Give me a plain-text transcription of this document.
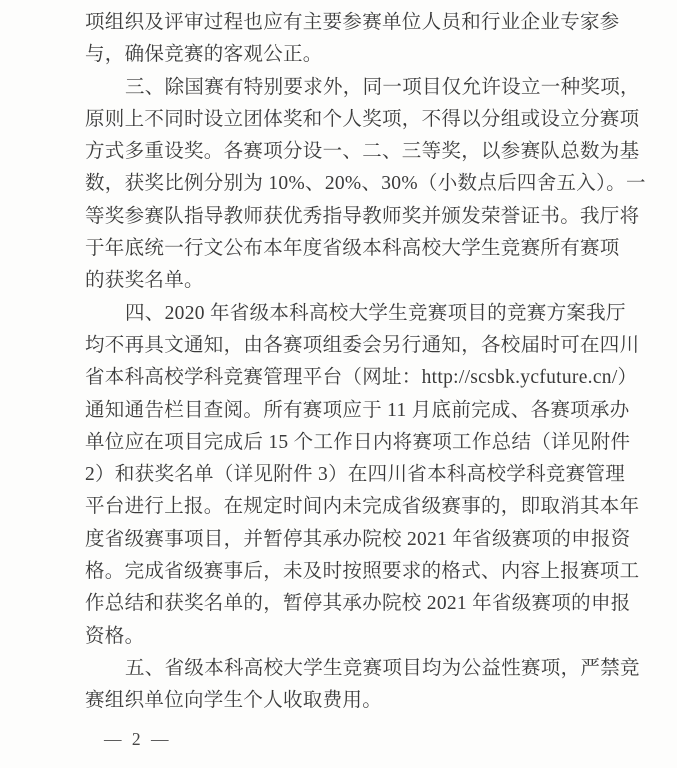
项组织及评审过程也应有主要参赛单位人员和行业企业专家参
与，确保竞赛的客观公正。
三、除国赛有特别要求外，同一项目仅允许设立一种奖项，
原则上不同时设立团体奖和个人奖项，不得以分组或设立分赛项
方式多重设奖。各赛项分设一、二、三等奖，以参赛队总数为基
数，获奖比例分别为 10%、20%、30%（小数点后四舍五入）。一
等奖参赛队指导教师获优秀指导教师奖并颁发荣誉证书。我厅将
于年底统一行文公布本年度省级本科高校大学生竞赛所有赛项
的获奖名单。
四、2020 年省级本科高校大学生竞赛项目的竞赛方案我厅
均不再具文通知，由各赛项组委会另行通知，各校届时可在四川
省本科高校学科竞赛管理平台（网址：http://scsbk.ycfuture.cn/）
通知通告栏目查阅。所有赛项应于 11 月底前完成、各赛项承办
单位应在项目完成后 15 个工作日内将赛项工作总结（详见附件
2）和获奖名单（详见附件 3）在四川省本科高校学科竞赛管理
平台进行上报。在规定时间内未完成省级赛事的，即取消其本年
度省级赛事项目，并暂停其承办院校 2021 年省级赛项的申报资
格。完成省级赛事后，未及时按照要求的格式、内容上报赛项工
作总结和获奖名单的，暂停其承办院校 2021 年省级赛项的申报
资格。
五、省级本科高校大学生竞赛项目均为公益性赛项，严禁竞
赛组织单位向学生个人收取费用。
— 2 —
